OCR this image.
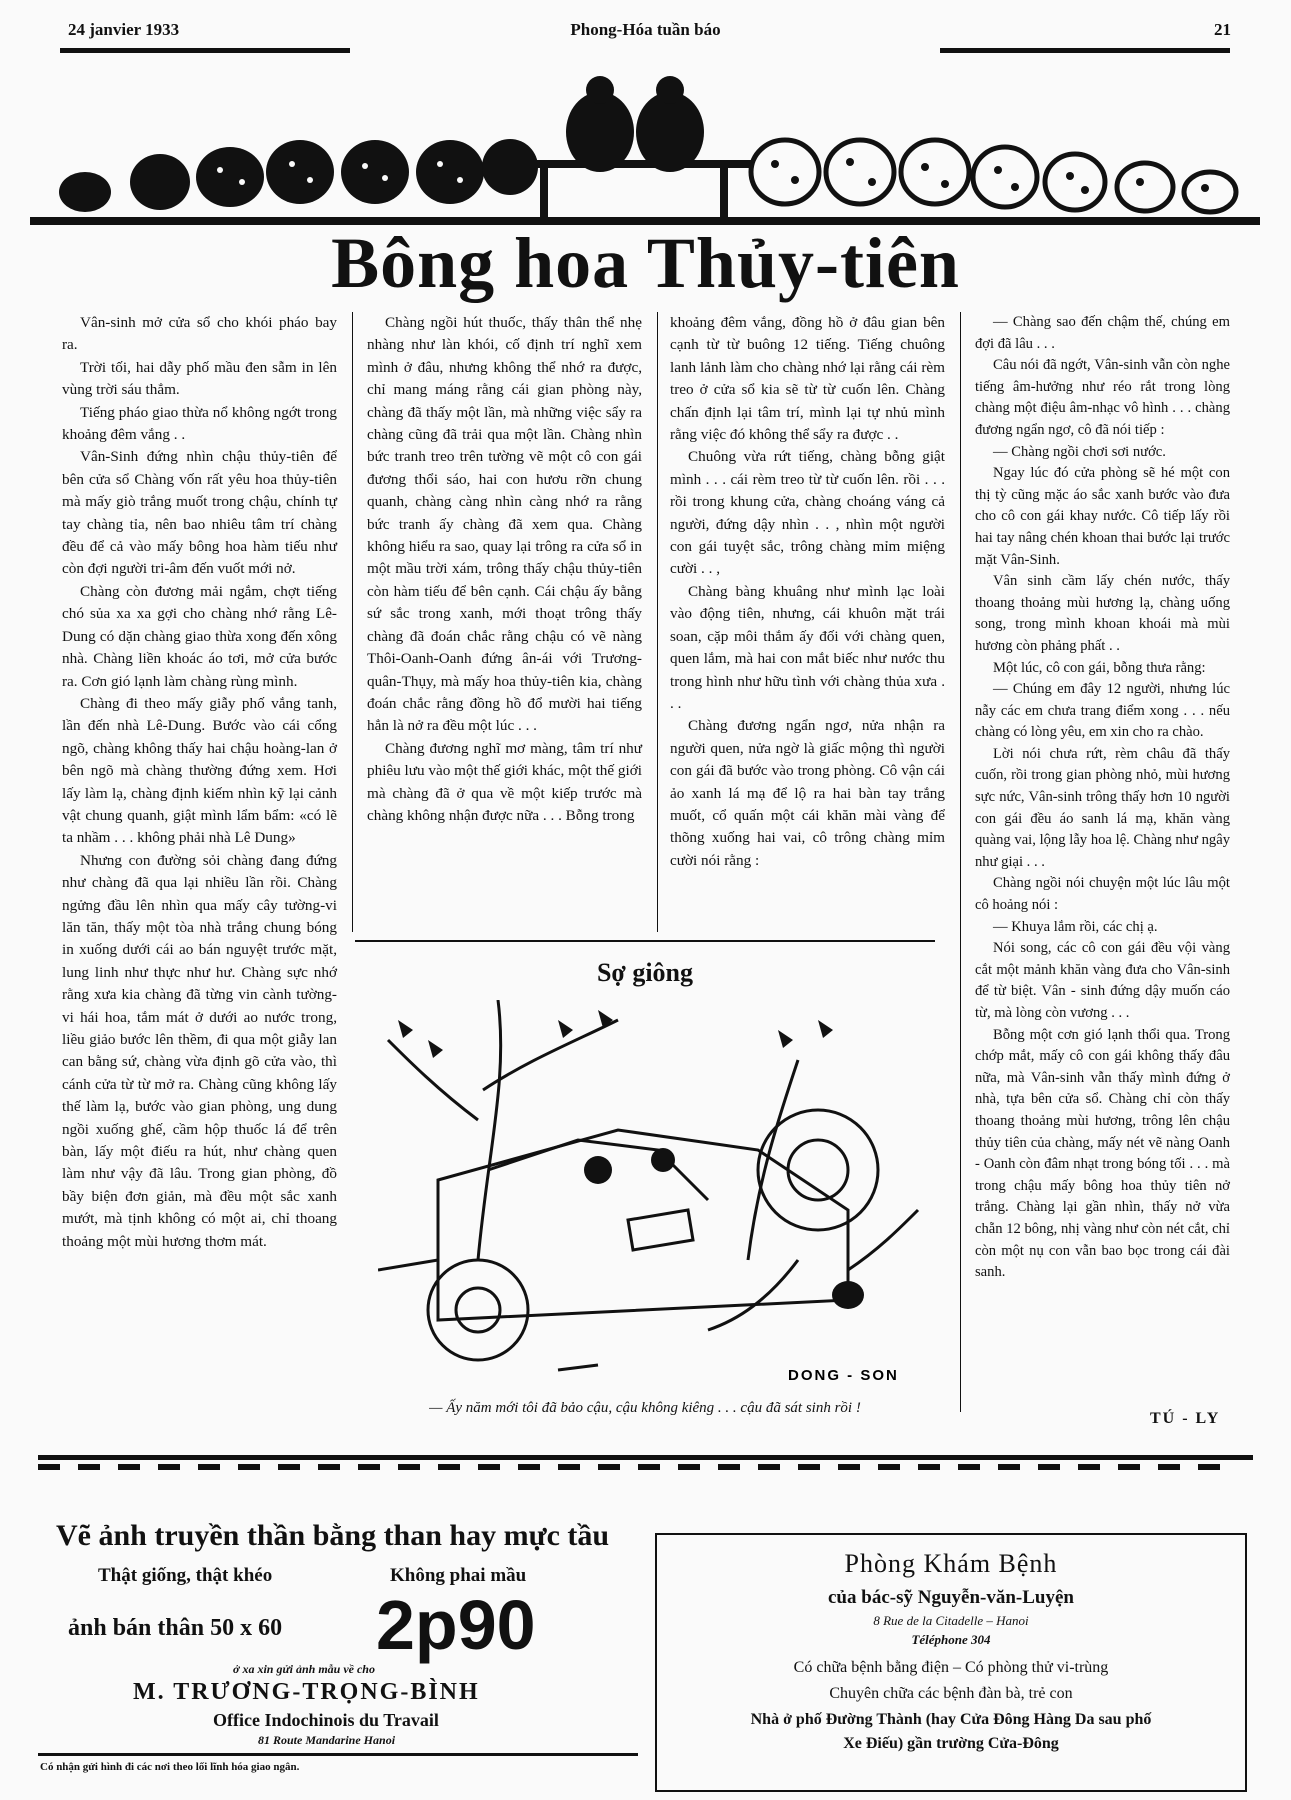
24 janvier 1933	Phong-Hóa tuần báo	21
Bông hoa Thủy-tiên

Vân-sinh mở cửa sổ cho khói pháo bay ra.

Trời tối, hai dẫy phố mầu đen sẫm in lên vùng trời sáu thẳm.

Tiếng pháo giao thừa nổ không ngớt trong khoảng đêm vắng . .

Vân-Sinh đứng nhìn chậu thủy-tiên để bên cửa sổ Chàng vốn rất yêu hoa thủy-tiên mà mấy giò trắng muốt trong chậu, chính tự tay chàng tỉa, nên bao nhiêu tâm trí chàng đều để cả vào mấy bông hoa hàm tiếu như còn đợi người tri-âm đến vuốt mới nở.

Chàng còn đương mải ngắm, chợt tiếng chó sủa xa xa gợi cho chàng nhớ rằng Lê-Dung có dặn chàng giao thừa xong đến xông nhà. Chàng liền khoác áo tơi, mở cửa bước ra. Cơn gió lạnh làm chàng rùng mình.

Chàng đi theo mấy giẫy phố vắng tanh, lần đến nhà Lê-Dung. Bước vào cái cổng ngõ, chàng không thấy hai chậu hoàng-lan ở bên ngõ mà chàng thường đứng xem. Hơi lấy làm lạ, chàng định kiếm nhìn kỹ lại cảnh vật chung quanh, giật mình lẩm bẩm: «có lẽ ta nhầm . . . không phải nhà Lê Dung»

Nhưng con đường sỏi chàng đang đứng như chàng đã qua lại nhiều lần rồi. Chàng ngửng đầu lên nhìn qua mấy cây tường-vi lăn tăn, thấy một tòa nhà trắng chung bóng in xuống dưới cái ao bán nguyệt trước mặt, lung linh như thực như hư. Chàng sực nhớ rằng xưa kia chàng đã từng vin cành tường-vi hái hoa, tắm mát ở dưới ao nước trong, liều giảo bước lên thềm, đi qua một giẫy lan can bằng sứ, chàng vừa định gõ cửa vào, thì cánh cửa từ từ mở ra. Chàng cũng không lấy thế làm lạ, bước vào gian phòng, ung dung ngồi xuống ghế, cầm hộp thuốc lá để trên bàn, lấy một điếu ra hút, như chàng quen làm như vậy đã lâu. Trong gian phòng, đồ bầy biện đơn giản, mà đều một sắc xanh mướt, mà tịnh không có một ai, chỉ thoang thoảng một mùi hương thơm mát.

Chàng ngồi hút thuốc, thấy thân thể nhẹ nhàng như làn khói, cố định trí nghĩ xem mình ở đâu, nhưng không thể nhớ ra được, chỉ mang máng rằng cái gian phòng này, chàng đã thấy một lần, mà những việc sẩy ra chàng cũng đã trải qua một lần. Chàng nhìn bức tranh treo trên tường vẽ một cô con gái đương thổi sáo, hai con hươu rỡn chung quanh, chàng càng nhìn càng nhớ ra rằng bức tranh ấy chàng đã xem qua. Chàng không hiểu ra sao, quay lại trông ra cửa sổ in một mầu trời xám, trông thấy chậu thủy-tiên còn hàm tiếu để bên cạnh. Cái chậu ấy bằng sứ sắc trong xanh, mới thoạt trông thấy chàng đã đoán chắc rằng chậu có vẽ nàng Thôi-Oanh-Oanh đứng ân-ái với Trương-quân-Thụy, mà mấy hoa thủy-tiên kia, chàng đoán chắc rằng đồng hồ đổ mười hai tiếng hẳn là nở ra đều một lúc . . .

Chàng đương nghĩ mơ màng, tâm trí như phiêu lưu vào một thế giới khác, một thế giới mà chàng đã ở qua về một kiếp trước mà chàng không nhận được nữa . . . Bỗng trong

khoảng đêm vắng, đồng hồ ở đâu gian bên cạnh từ từ buông 12 tiếng. Tiếng chuông lanh lảnh làm cho chàng nhớ lại rằng cái rèm treo ở cửa sổ kia sẽ từ từ cuốn lên. Chàng chấn định lại tâm trí, mình lại tự nhủ mình rằng việc đó không thể sẩy ra được . .

Chuông vừa rứt tiếng, chàng bỗng giật mình . . . cái rèm treo từ từ cuốn lên. rồi . . . rồi trong khung cửa, chàng choáng váng cả người, đứng dậy nhìn . . , nhìn một người con gái tuyệt sắc, trông chàng mỉm miệng cười . . ,

Chàng bàng khuâng như mình lạc loài vào động tiên, nhưng, cái khuôn mặt trái soan, cặp môi thắm ấy đối với chàng quen, quen lắm, mà hai con mắt biếc như nước thu trong hình như hữu tình với chàng thủa xưa . . .

Chàng đương ngẩn ngơ, nửa nhận ra người quen, nửa ngờ là giấc mộng thì người con gái đã bước vào trong phòng. Cô vận cái ảo xanh lá mạ để lộ ra hai bàn tay trắng muốt, cổ quấn một cái khăn mài vàng để thõng xuống hai vai, cô trông chàng mỉm cười nói rằng :

— Chàng sao đến chậm thế, chúng em đợi đã lâu . . .

Câu nói đã ngớt, Vân-sinh vẫn còn nghe tiếng âm-hưởng như réo rắt trong lòng chàng một điệu âm-nhạc vô hình . . . chàng đương ngẩn ngơ, cô đã nói tiếp :

— Chàng ngồi chơi sơi nước.

Ngay lúc đó cửa phòng sẽ hé một con thị tỳ cũng mặc áo sắc xanh bước vào đưa cho cô con gái khay nước. Cô tiếp lấy rồi hai tay nâng chén khoan thai bước lại trước mặt Vân-Sinh.

Vân sinh cầm lấy chén nước, thấy thoang thoảng mùi hương lạ, chàng uống song, trong mình khoan khoái mà mùi hương còn phảng phất . .

Một lúc, cô con gái, bỗng thưa rằng:

— Chúng em đây 12 người, nhưng lúc nẫy các em chưa trang điểm xong . . . nếu chàng có lòng yêu, em xin cho ra chào.

Lời nói chưa rứt, rèm châu đã thấy cuốn, rồi trong gian phòng nhỏ, mùi hương sực nức, Vân-sinh trông thấy hơn 10 người con gái đều áo sanh lá mạ, khăn vàng quàng vai, lộng lẫy hoa lệ. Chàng như ngây như giại . . .

Chàng ngồi nói chuyện một lúc lâu một cô hoảng nói :

— Khuya lắm rồi, các chị ạ.

Nói song, các cô con gái đều vội vàng cắt một mảnh khăn vàng đưa cho Vân-sinh để từ biệt. Vân - sinh đứng dậy muốn cáo từ, mà lòng còn vương . . .

Bỗng một cơn gió lạnh thổi qua. Trong chớp mắt, mấy cô con gái không thấy đâu nữa, mà Vân-sinh vẫn thấy mình đứng ở nhà, tựa bên cửa sổ. Chàng chỉ còn thấy thoang thoảng mùi hương, trông lên chậu thủy tiên của chàng, mấy nét vẽ nàng Oanh - Oanh còn đâm nhạt trong bóng tối . . . mà trong chậu mấy bông hoa thủy tiên nở trắng. Chàng lại gần nhìn, thấy nở vừa chẵn 12 bông, nhị vàng như còn nét cắt, chỉ còn một nụ con vẫn bao bọc trong cái đài sanh.

TÚ - LY
Sợ giông
DONG - SON
— Ấy năm mới tôi đã bảo cậu, cậu không kiêng . . . cậu đã sát sinh rồi !
Vẽ ảnh truyền thần bằng than hay mực tầu
Thật giống, thật khéo	Không phai mầu
ảnh bán thân 50 x 60 2p90
ở xa xin gửi ảnh mẫu về cho
M. TRƯƠNG-TRỌNG-BÌNH
Office Indochinois du Travail
81 Route Mandarine Hanoi
Có nhận gửi hình đi các nơi theo lối lĩnh hóa giao ngân.
Phòng Khám Bệnh
của bác-sỹ Nguyễn-văn-Luyện
8 Rue de la Citadelle – Hanoi
Téléphone 304
Có chữa bệnh bằng điện – Có phòng thử vi-trùng
Chuyên chữa các bệnh đàn bà, trẻ con
Nhà ở phố Đường Thành (hay Cửa Đông Hàng Da sau phố
Xe Điếu) gần trường Cửa-Đông
